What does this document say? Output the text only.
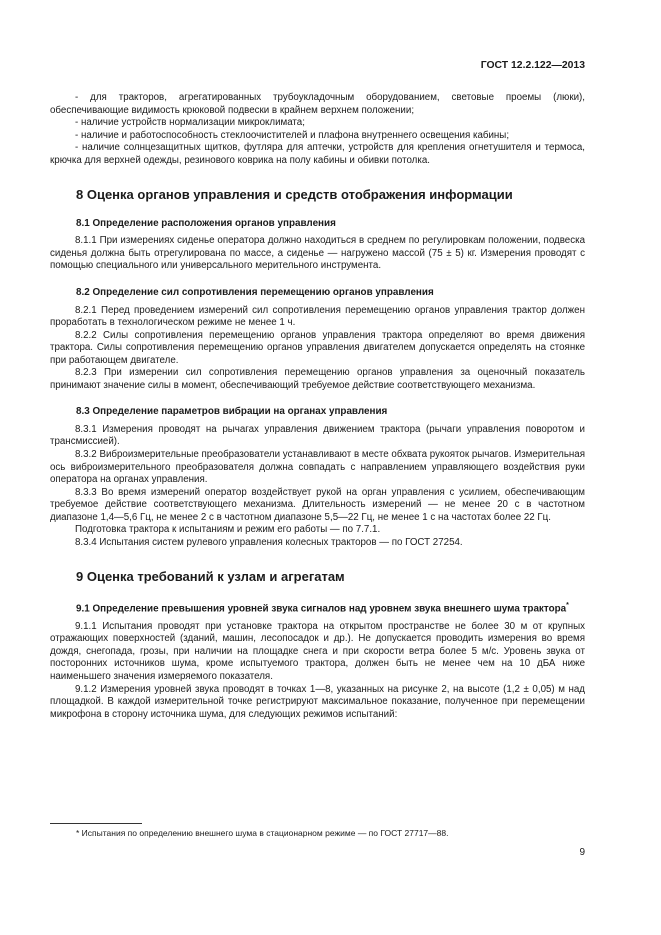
ГОСТ 12.2.122—2013

- для тракторов, агрегатированных трубоукладочным оборудованием, световые проемы (люки), обеспечивающие видимость крюковой подвески в крайнем верхнем положении;

- наличие устройств нормализации микроклимата;

- наличие и работоспособность стеклоочистителей и плафона внутреннего освещения кабины;

- наличие солнцезащитных щитков, футляра для аптечки, устройств для крепления огнетушителя и термоса, крючка для верхней одежды, резинового коврика на полу кабины и обивки потолка.

8 Оценка органов управления и средств отображения информации
8.1 Определение расположения органов управления

8.1.1 При измерениях сиденье оператора должно находиться в среднем по регулировкам положении, подвеска сиденья должна быть отрегулирована по массе, а сиденье — нагружено массой (75 ± 5) кг. Измерения проводят с помощью специального или универсального мерительного инструмента.

8.2 Определение сил сопротивления перемещению органов управления

8.2.1 Перед проведением измерений сил сопротивления перемещению органов управления трактор должен проработать в технологическом режиме не менее 1 ч.

8.2.2 Силы сопротивления перемещению органов управления трактора определяют во время движения трактора. Силы сопротивления перемещению органов управления двигателем допускается определять на стоянке при работающем двигателе.

8.2.3 При измерении сил сопротивления перемещению органов управления за оценочный показатель принимают значение силы в момент, обеспечивающий требуемое действие соответствующего механизма.

8.3 Определение параметров вибрации на органах управления

8.3.1 Измерения проводят на рычагах управления движением трактора (рычаги управления поворотом и трансмиссией).

8.3.2 Виброизмерительные преобразователи устанавливают в месте обхвата рукояток рычагов. Измерительная ось виброизмерительного преобразователя должна совпадать с направлением управляющего воздействия руки оператора на органах управления.

8.3.3 Во время измерений оператор воздействует рукой на орган управления с усилием, обеспечивающим требуемое действие соответствующего механизма. Длительность измерений — не менее 20 с в частотном диапазоне 1,4—5,6 Гц, не менее 2 с в частотном диапазоне 5,5—22 Гц, не менее 1 с на частотах более 22 Гц.

Подготовка трактора к испытаниям и режим его работы — по 7.7.1.

8.3.4 Испытания систем рулевого управления колесных тракторов — по ГОСТ 27254.

9 Оценка требований к узлам и агрегатам
9.1 Определение превышения уровней звука сигналов над уровнем звука внешнего шума трактора*

9.1.1 Испытания проводят при установке трактора на открытом пространстве не более 30 м от крупных отражающих поверхностей (зданий, машин, лесопосадок и др.). Не допускается проводить измерения во время дождя, снегопада, грозы, при наличии на площадке снега и при скорости ветра более 5 м/с. Уровень звука от посторонних источников шума, кроме испытуемого трактора, должен быть не менее чем на 10 дБА ниже наименьшего значения измеряемого показателя.

9.1.2 Измерения уровней звука проводят в точках 1—8, указанных на рисунке 2, на высоте (1,2 ± 0,05) м над площадкой. В каждой измерительной точке регистрируют максимальное показание, полученное при перемещении микрофона в сторону источника шума, для следующих режимов испытаний:

* Испытания по определению внешнего шума в стационарном режиме — по ГОСТ 27717—88.
9
